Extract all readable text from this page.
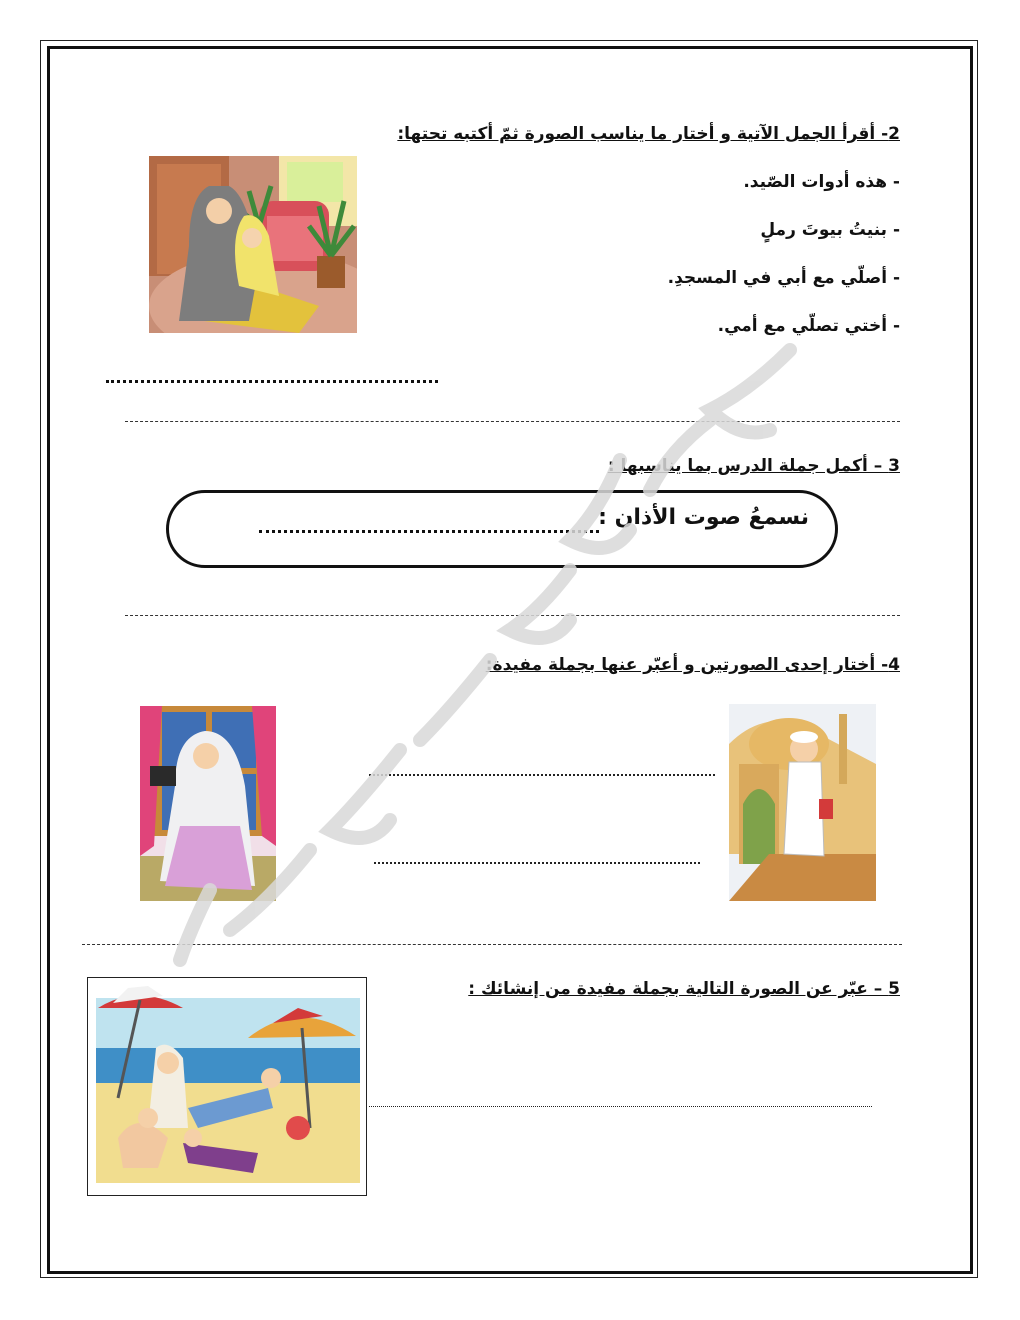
2- أقرأ الجمل الآتية و أختار ما يناسب الصورة ثمّ أكتبه تحتها:
- هذه أدوات الصّيد.
- بنيتُ بيوتَ رملٍ
- أصلّي مع أبي في المسجدِ.
- أختي تصلّي مع أمي.
3 – أكمل جملة الدرس بما يناسبها :
نسمعُ صوت الأذان :
4- أختار إحدى الصورتين و أعبّر عنها بجملة مفيدة:
5 – عبّر عن الصورة التالية بجملة مفيدة من إنشائك :
